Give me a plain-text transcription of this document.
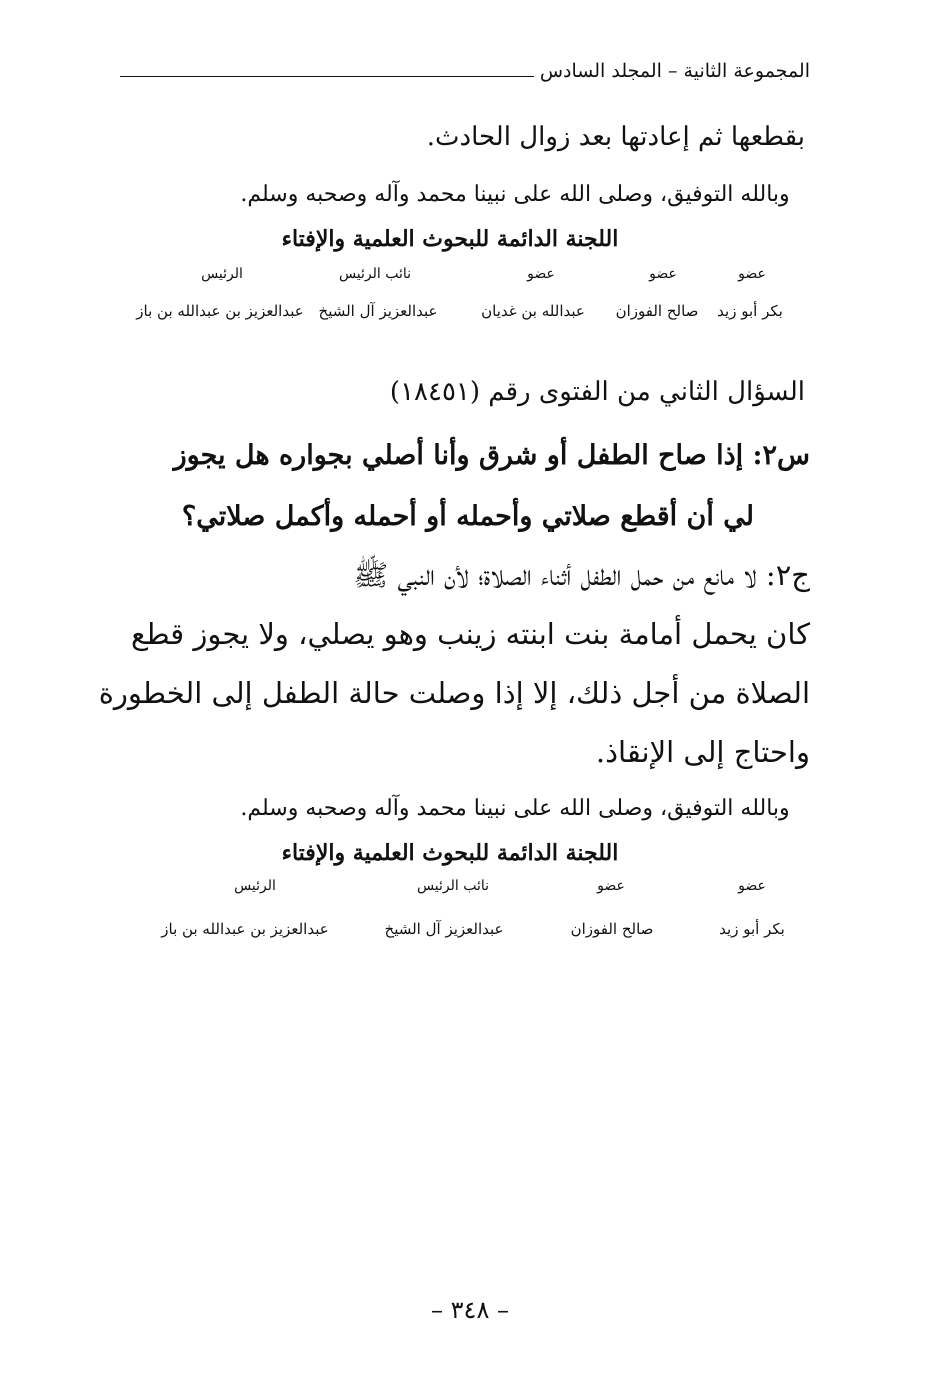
المجموعة الثانية – المجلد السادس

بقطعها ثم إعادتها بعد زوال الحادث.

وبالله التوفيق، وصلى الله على نبينا محمد وآله وصحبه وسلم.

اللجنة الدائمة للبحوث العلمية والإفتاء

عضو
عضو
عضو
نائب الرئيس
الرئيس
بكر أبو زيد
صالح الفوزان
عبدالله بن غديان
عبدالعزيز آل الشيخ
عبدالعزيز بن عبدالله بن باز

السؤال الثاني من الفتوى رقم (١٨٤٥١)

س٢: إذا صاح الطفل أو شرق وأنا أصلي بجواره هل يجوز

لي أن أقطع صلاتي وأحمله أو أحمله وأكمل صلاتي؟

ج٢: لا مانع من حمل الطفل أثناء الصلاة؛ لأن النبي ﷺ

كان يحمل أمامة بنت ابنته زينب وهو يصلي، ولا يجوز قطع

الصلاة من أجل ذلك، إلا إذا وصلت حالة الطفل إلى الخطورة

واحتاج إلى الإنقاذ.

وبالله التوفيق، وصلى الله على نبينا محمد وآله وصحبه وسلم.

اللجنة الدائمة للبحوث العلمية والإفتاء

عضو
عضو
نائب الرئيس
الرئيس
بكر أبو زيد
صالح الفوزان
عبدالعزيز آل الشيخ
عبدالعزيز بن عبدالله بن باز
– ٣٤٨ –
